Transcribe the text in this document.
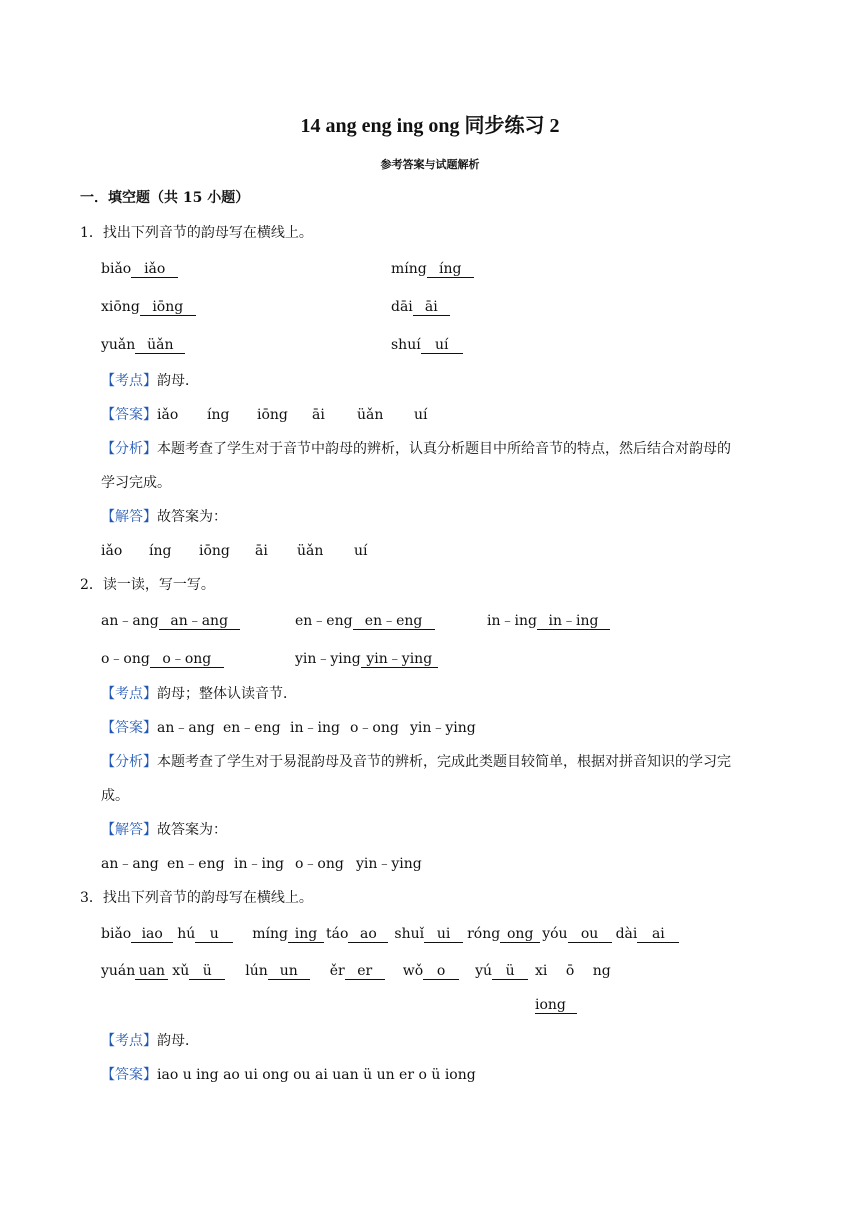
14 ang eng ing ong 同步练习 2
参考答案与试题解析
一．填空题（共 15 小题）
1．找出下列音节的韵母写在横线上。
biǎo iǎo	míng íng
xiōng iōng	dāi āi
yuǎn üǎn	shuí uí
【考点】韵母．
【答案】iǎo íng iōng āi üǎn uí
【分析】本题考查了学生对于音节中韵母的辨析，认真分析题目中所给音节的特点，然后结合对韵母的
学习完成。
【解答】故答案为：
iǎo íng iōng āi üǎn uí
2．读一读，写一写。
an﹣ang an﹣ang	en﹣eng en﹣eng	in﹣ing in﹣ing
o﹣ong o﹣ong	yin﹣ying yin﹣ying
【考点】韵母；整体认读音节．
【答案】an﹣ang en﹣eng in﹣ing o﹣ong yin﹣ying
【分析】本题考查了学生对于易混韵母及音节的辨析，完成此类题目较简单，根据对拼音知识的学习完
成。
【解答】故答案为：
an﹣ang en﹣eng in﹣ing o﹣ong yin﹣ying
3．找出下列音节的韵母写在横线上。
biǎo iao hú u míng ing táo ao shuǐ ui róng ong yóu ou dài ai
yuán uan xǔ ü lún un ěr er wǒ o yú ü	xi ō ng
iong
【考点】韵母．
【答案】iao u ing ao ui ong ou ai uan ü un er o ü iong
